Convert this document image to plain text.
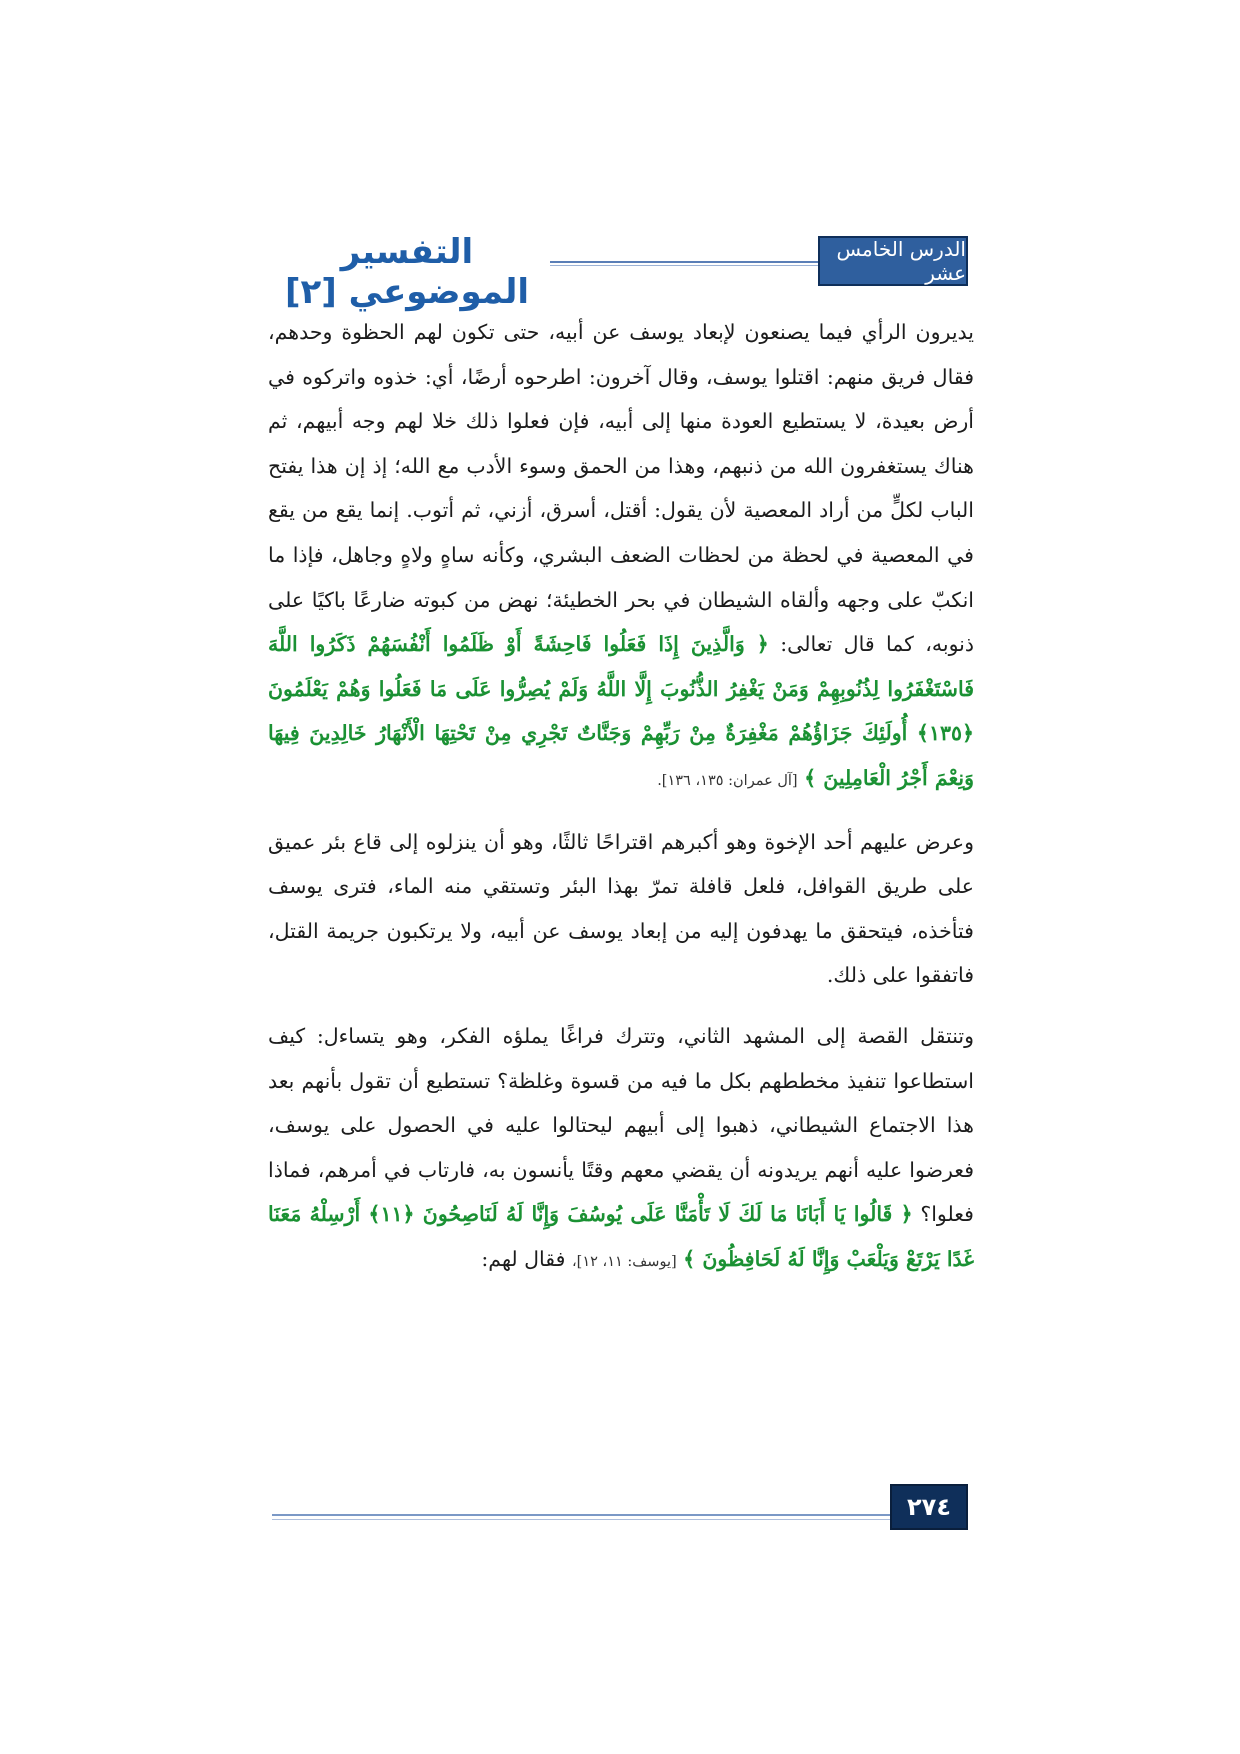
التفسير الموضوعي [٢]
الدرس الخامس عشر

يديرون الرأي فيما يصنعون لإبعاد يوسف عن أبيه، حتى تكون لهم الحظوة وحدهم، فقال فريق منهم: اقتلوا يوسف، وقال آخرون: اطرحوه أرضًا، أي: خذوه واتركوه في أرض بعيدة، لا يستطيع العودة منها إلى أبيه، فإن فعلوا ذلك خلا لهم وجه أبيهم، ثم هناك يستغفرون الله من ذنبهم، وهذا من الحمق وسوء الأدب مع الله؛ إذ إن هذا يفتح الباب لكلٍّ من أراد المعصية لأن يقول: أقتل، أسرق، أزني، ثم أتوب. إنما يقع من يقع في المعصية في لحظة من لحظات الضعف البشري، وكأنه ساهٍ ولاهٍ وجاهل، فإذا ما انكبّ على وجهه وألقاه الشيطان في بحر الخطيئة؛ نهض من كبوته ضارعًا باكيًا على ذنوبه، كما قال تعالى: ﴿ وَالَّذِينَ إِذَا فَعَلُوا فَاحِشَةً أَوْ ظَلَمُوا أَنْفُسَهُمْ ذَكَرُوا اللَّهَ فَاسْتَغْفَرُوا لِذُنُوبِهِمْ وَمَنْ يَغْفِرُ الذُّنُوبَ إِلَّا اللَّهُ وَلَمْ يُصِرُّوا عَلَى مَا فَعَلُوا وَهُمْ يَعْلَمُونَ ﴿١٣٥﴾ أُولَئِكَ جَزَاؤُهُمْ مَغْفِرَةٌ مِنْ رَبِّهِمْ وَجَنَّاتٌ تَجْرِي مِنْ تَحْتِهَا الْأَنْهَارُ خَالِدِينَ فِيهَا وَنِعْمَ أَجْرُ الْعَامِلِينَ ﴾ [آل عمران: ١٣٥، ١٣٦].

وعرض عليهم أحد الإخوة وهو أكبرهم اقتراحًا ثالثًا، وهو أن ينزلوه إلى قاع بئر عميق على طريق القوافل، فلعل قافلة تمرّ بهذا البئر وتستقي منه الماء، فترى يوسف فتأخذه، فيتحقق ما يهدفون إليه من إبعاد يوسف عن أبيه، ولا يرتكبون جريمة القتل، فاتفقوا على ذلك.

وتنتقل القصة إلى المشهد الثاني، وتترك فراغًا يملؤه الفكر، وهو يتساءل: كيف استطاعوا تنفيذ مخططهم بكل ما فيه من قسوة وغلظة؟ تستطيع أن تقول بأنهم بعد هذا الاجتماع الشيطاني، ذهبوا إلى أبيهم ليحتالوا عليه في الحصول على يوسف، فعرضوا عليه أنهم يريدونه أن يقضي معهم وقتًا يأنسون به، فارتاب في أمرهم، فماذا فعلوا؟ ﴿ قَالُوا يَا أَبَانَا مَا لَكَ لَا تَأْمَنَّا عَلَى يُوسُفَ وَإِنَّا لَهُ لَنَاصِحُونَ ﴿١١﴾ أَرْسِلْهُ مَعَنَا غَدًا يَرْتَعْ وَيَلْعَبْ وَإِنَّا لَهُ لَحَافِظُونَ ﴾ [يوسف: ١١، ١٢]، فقال لهم:

٢٧٤
